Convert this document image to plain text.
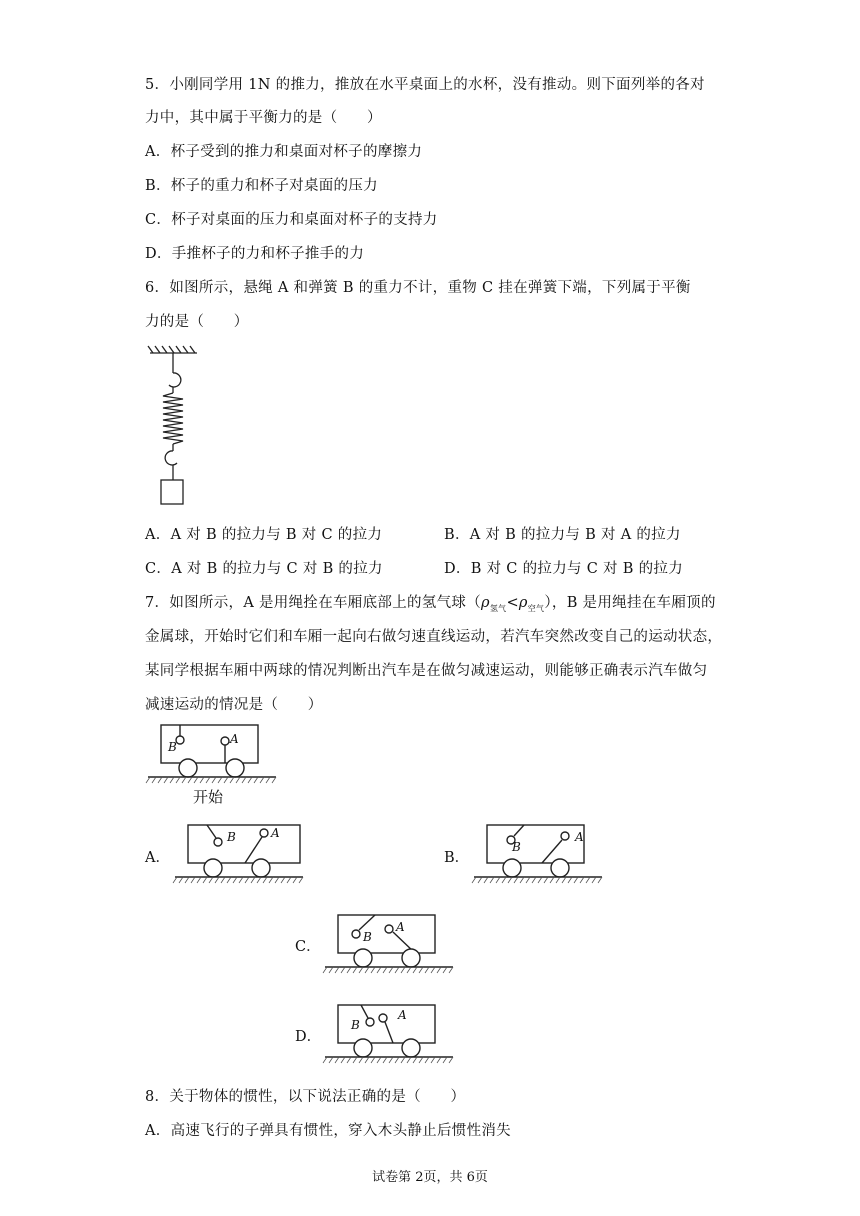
5．小刚同学用 1N 的推力，推放在水平桌面上的水杯，没有推动。则下面列举的各对
力中，其中属于平衡力的是（　　）
A．杯子受到的推力和桌面对杯子的摩擦力
B．杯子的重力和杯子对桌面的压力
C．杯子对桌面的压力和桌面对杯子的支持力
D．手推杯子的力和杯子推手的力
6．如图所示，悬绳 A 和弹簧 B 的重力不计，重物 C 挂在弹簧下端，下列属于平衡
力的是（　　）
A．A 对 B 的拉力与 B 对 C 的拉力	B．A 对 B 的拉力与 B 对 A 的拉力
C．A 对 B 的拉力与 C 对 B 的拉力	D．B 对 C 的拉力与 C 对 B 的拉力
7．如图所示，A 是用绳拴在车厢底部上的氢气球$(\rho_{氢气}<\rho_{空气})$，B 是用绳挂在车厢顶的
金属球，开始时它们和车厢一起向右做匀速直线运动，若汽车突然改变自己的运动状态，
某同学根据车厢中两球的情况判断出汽车是在做匀减速运动，则能够正确表示汽车做匀
减速运动的情况是（　　）
B
A
开始
A．
B	A
B．
B
A
C．
B
A
D．
B
A
8．关于物体的惯性，以下说法正确的是（　　）
A．高速飞行的子弹具有惯性，穿入木头静止后惯性消失
试卷第 2页，共 6页
